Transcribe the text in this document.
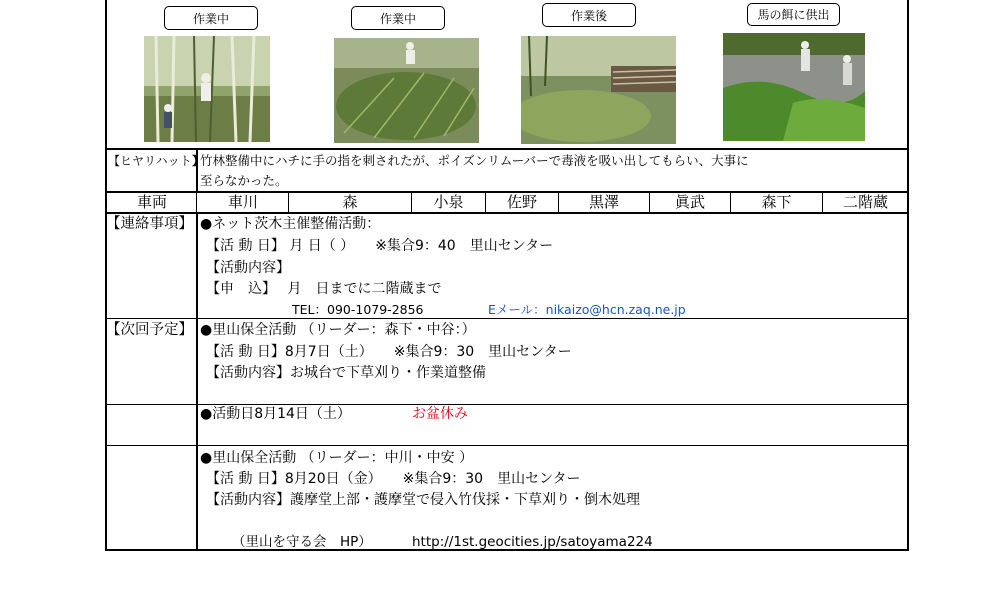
作業中	作業中	作業後	馬の餌に供出
【ヒヤリハット】
竹林整備中にハチに手の指を刺されたが、ポイズンリムーバーで毒液を吸い出してもらい、大事に
至らなかった。
車両	車川	森	小泉	佐野	黒澤	眞武	森下	二階蔵
【連絡事項】 ●ネット茨木主催整備活動：
【活 動 日】 月 日（ ）　　※集合9：40　里山センター
【活動内容】
【申　込】　 月　日までに二階蔵まで
TEL：090-1079-2856	Eメール：nikaizo@hcn.zaq.ne.jp
【次回予定】 ●里山保全活動 （リーダー：森下・中谷：）
【活 動 日】8月7日（土）　　※集合9：30　里山センター
【活動内容】お城台で下草刈り・作業道整備
●活動日8月14日（土）	お盆休み
●里山保全活動 （リーダー：中川・中安 ）
【活 動 日】8月20日（金）　　※集合9：30　里山センター
【活動内容】護摩堂上部・護摩堂で侵入竹伐採・下草刈り・倒木処理
（里山を守る会　HP）	http://1st.geocities.jp/satoyama224
